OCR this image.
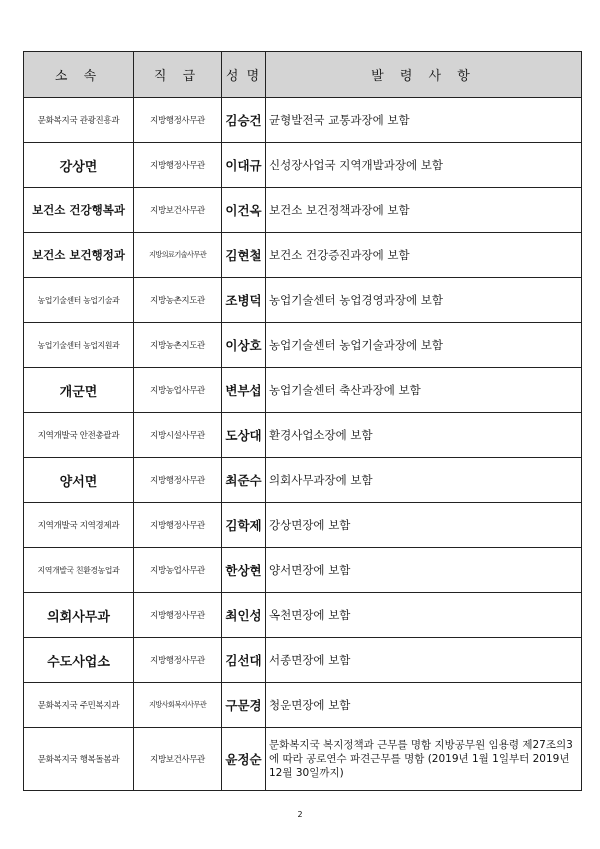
소 속	직 급	성 명	발 령 사 항
문화복지국 관광진흥과	지방행정사무관	김승건	균형발전국 교통과장에 보함
강상면	지방행정사무관	이대규	신성장사업국 지역개발과장에 보함
보건소 건강행복과	지방보건사무관	이건옥	보건소 보건정책과장에 보함
보건소 보건행정과	지방의료기술사무관	김현철	보건소 건강증진과장에 보함
농업기술센터 농업기술과	지방농촌지도관	조병덕	농업기술센터 농업경영과장에 보함
농업기술센터 농업지원과	지방농촌지도관	이상호	농업기술센터 농업기술과장에 보함
개군면	지방농업사무관	변부섭	농업기술센터 축산과장에 보함
지역개발국 안전총괄과	지방시설사무관	도상대	환경사업소장에 보함
양서면	지방행정사무관	최준수	의회사무과장에 보함
지역개발국 지역경제과	지방행정사무관	김학제	강상면장에 보함
지역개발국 친환경농업과	지방농업사무관	한상현	양서면장에 보함
의회사무과	지방행정사무관	최인성	옥천면장에 보함
수도사업소	지방행정사무관	김선대	서종면장에 보함
문화복지국 주민복지과	지방사회복지사무관	구문경	청운면장에 보함
문화복지국 행복돌봄과	지방보건사무관	윤정순	문화복지국 복지정책과 근무를 명함 지방공무원 임용령 제27조의3에 따라 공로연수 파견근무를 명함 (2019년 1월 1일부터 2019년 12월 30일까지)
2
